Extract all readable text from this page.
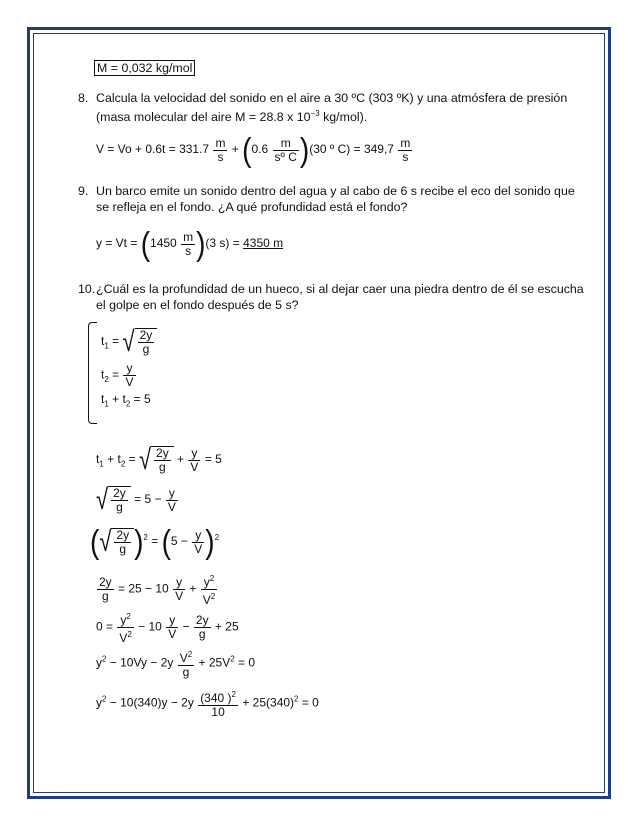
M = 0,032 kg/mol
8. Calcula la velocidad del sonido en el aire a 30 ºC (303 ºK) y una atmósfera de presión
(masa molecular del aire M = 28.8 x $10^{-3}$ kg/mol).
$V = Vo + 0.6t = 331.7 \frac{m}{s} + (0.6 \frac{m}{\text{sº C}} )(30$ º $C) = 349,7 \frac{m}{s}$
9. Un barco emite un sonido dentro del agua y al cabo de 6 s recibe el eco del sonido que
se refleja en el fondo. ¿A qué profundidad está el fondo?
$y = Vt = (1450 \frac{m}{s} )(3$ s) = 4350 m
10. ¿Cuál es la profundidad de un hueco, si al dejar caer una piedra dentro de él se escucha
el golpe en el fondo después de 5 s?
$t_1$ = √ $\frac{2y}{g}$
$t_2 = \frac{y}{V}$
$t_1 + t_2 = 5$
$t_1 + t_2$ = √ $\frac{2y}{g} + \frac{y}{V} = 5$
√ $\frac{2y}{g} = 5 - \frac{y}{V}$
(√ $\frac{2y}{g} )^2 = (5 - \frac{y}{V} )^2$
$\frac{2y}{g} = 25 - 10 \frac{y}{V} + \frac{y^2}{V^2}$
$0 = \frac{y^2}{V^2} - 10 \frac{y}{V} - \frac{2y}{g} + 25$
$y^2 - 10Vy - 2y \frac{V^2}{g} + 25V^2 = 0$
$y^2 - 10(340)y - 2y \frac{(340 )^2}{10} + 25(340)^2 = 0$
